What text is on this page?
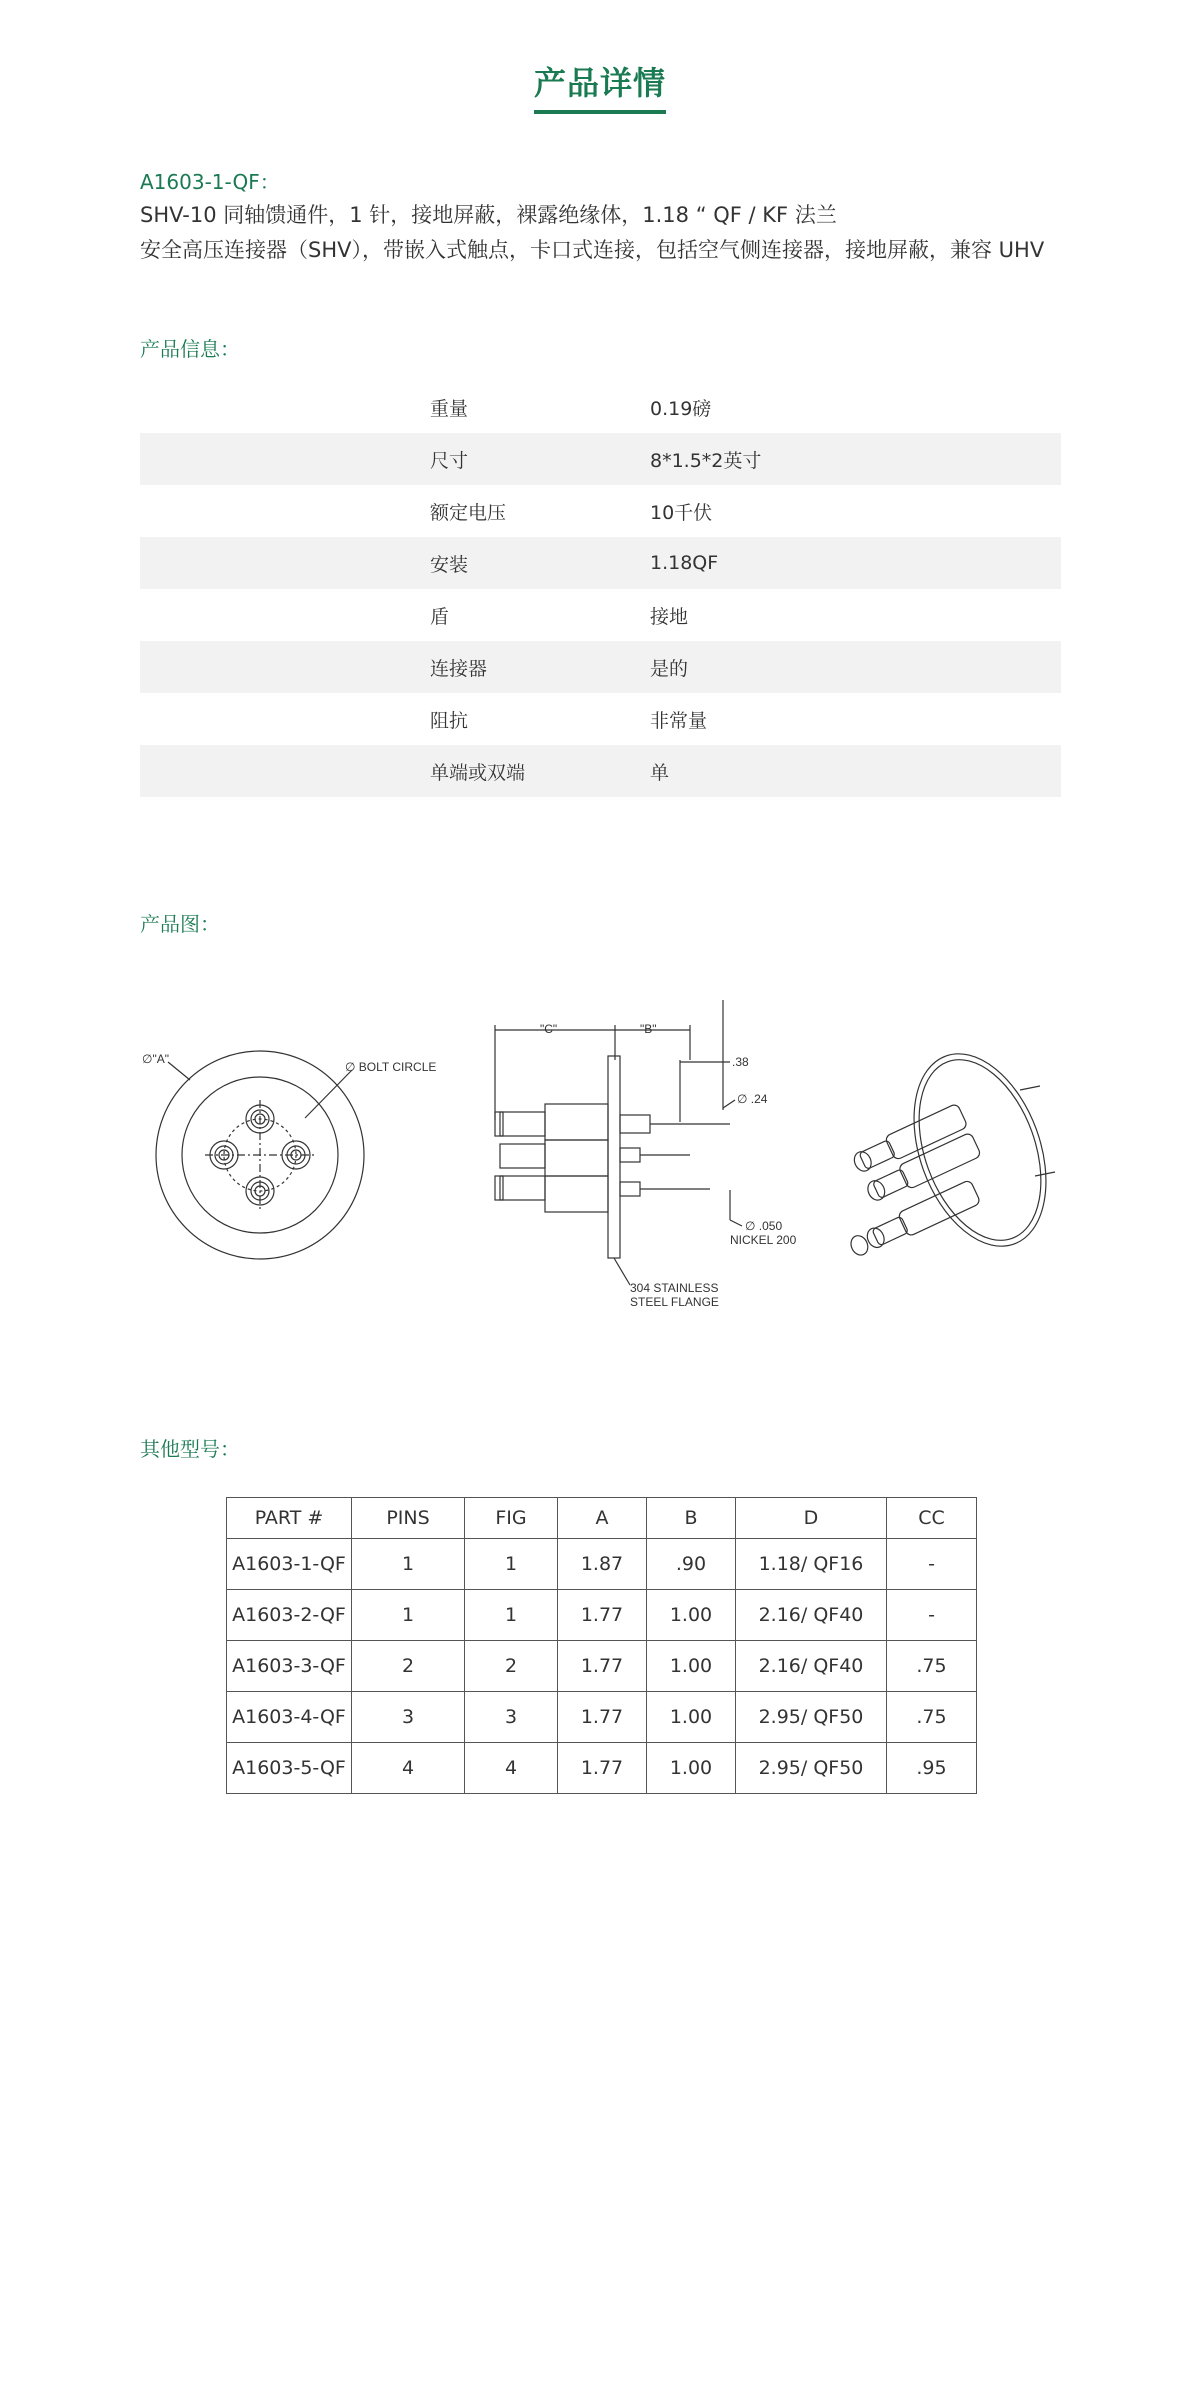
产品详情
A1603-1-QF：
SHV-10 同轴馈通件，1 针，接地屏蔽，裸露绝缘体，1.18 “ QF / KF 法兰
安全高压连接器（SHV），带嵌入式触点，卡口式连接，包括空气侧连接器，接地屏蔽，兼容 UHV
产品信息：
重量	0.19磅
尺寸	8*1.5*2英寸
额定电压	10千伏
安装	1.18QF
盾	接地
连接器	是的
阻抗	非常量
单端或双端	单
产品图：
∅"A"
∅ BOLT CIRCLE
"C"	"B"
.38
∅ .24
∅ .050
NICKEL 200
304 STAINLESS
STEEL FLANGE
其他型号：
PART #	PINS	FIG	A	B	D	CC
A1603-1-QF	1	1	1.87	.90	1.18/ QF16	-
A1603-2-QF	1	1	1.77	1.00	2.16/ QF40	-
A1603-3-QF	2	2	1.77	1.00	2.16/ QF40	.75
A1603-4-QF	3	3	1.77	1.00	2.95/ QF50	.75
A1603-5-QF	4	4	1.77	1.00	2.95/ QF50	.95
